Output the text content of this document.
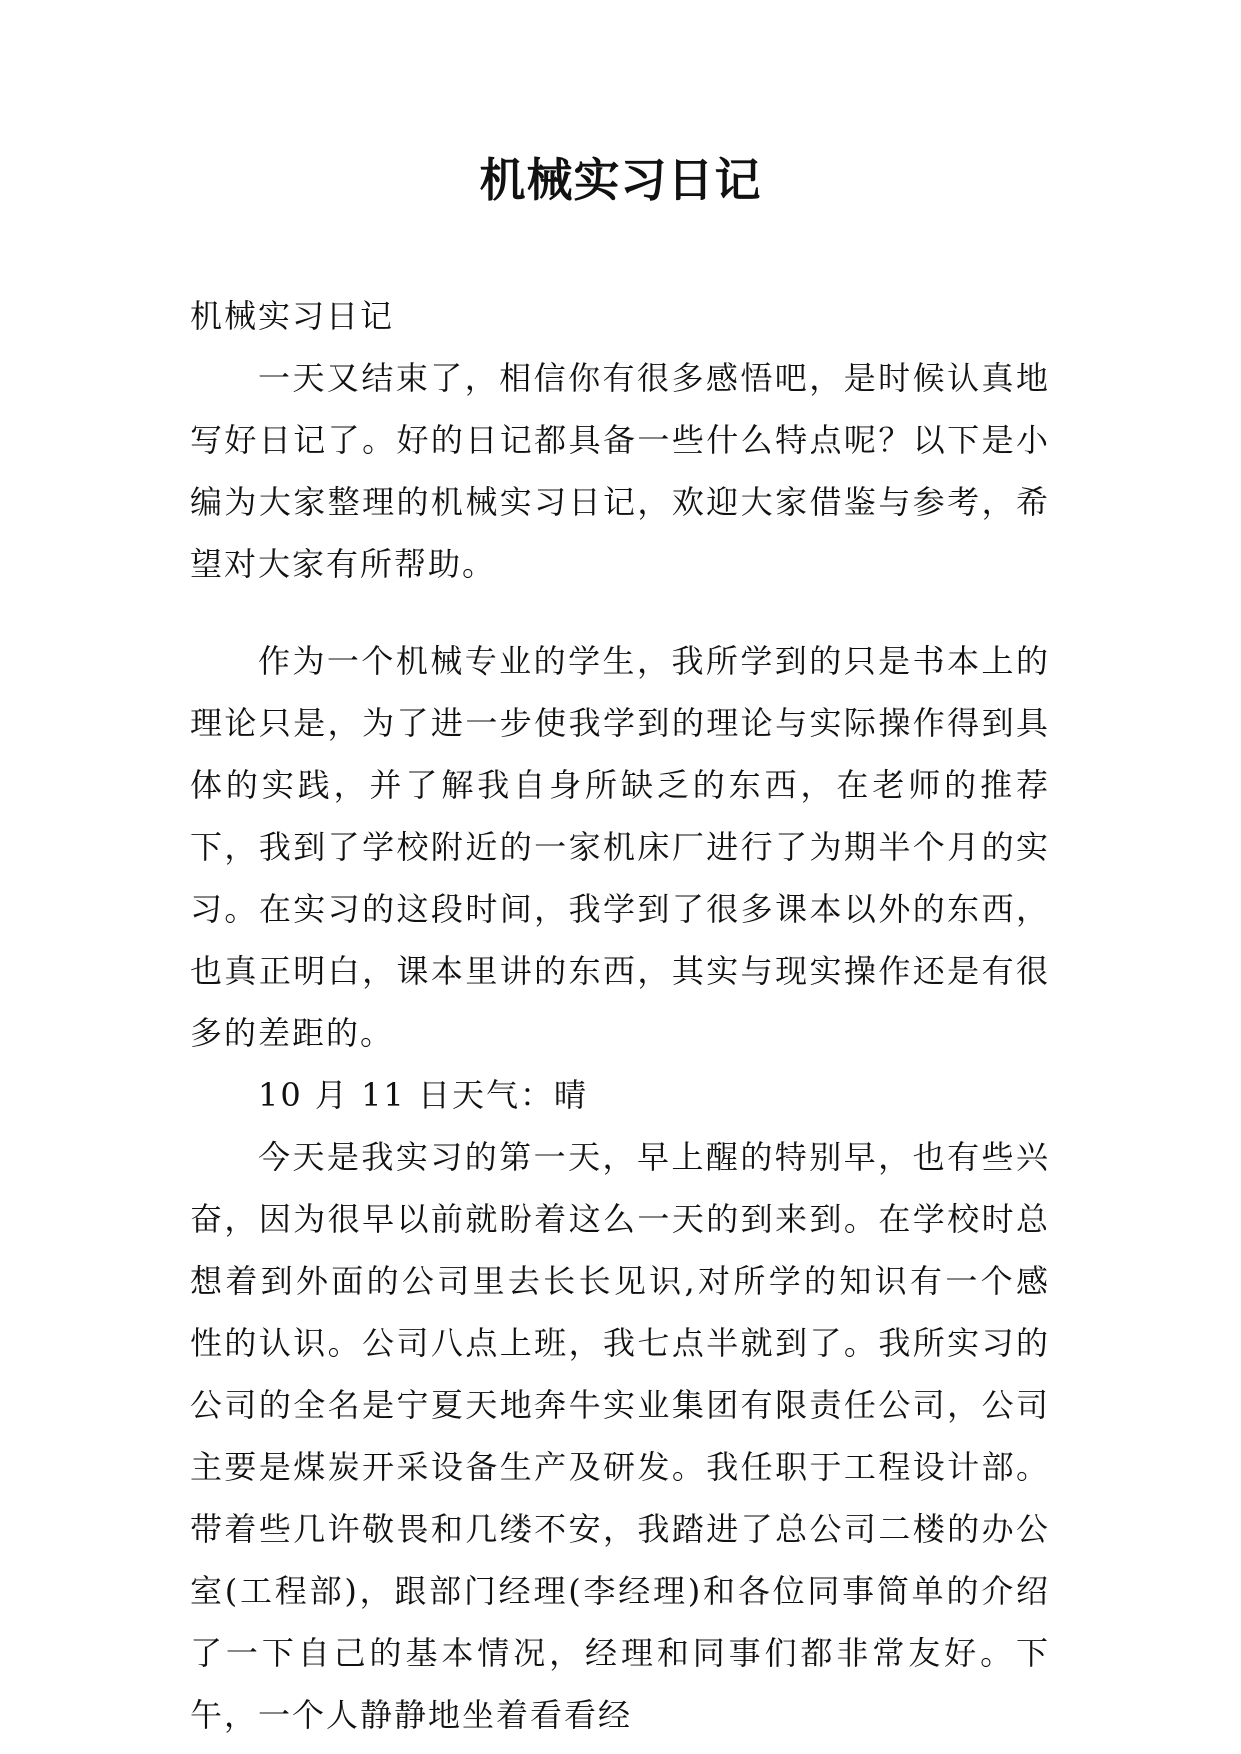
机械实习日记

机械实习日记

一天又结束了，相信你有很多感悟吧，是时候认真地写好日记了。好的日记都具备一些什么特点呢？以下是小编为大家整理的机械实习日记，欢迎大家借鉴与参考，希望对大家有所帮助。

作为一个机械专业的学生，我所学到的只是书本上的理论只是，为了进一步使我学到的理论与实际操作得到具体的实践，并了解我自身所缺乏的东西，在老师的推荐下，我到了学校附近的一家机床厂进行了为期半个月的实习。在实习的这段时间，我学到了很多课本以外的东西，也真正明白，课本里讲的东西，其实与现实操作还是有很多的差距的。

10 月 11 日天气：晴

今天是我实习的第一天，早上醒的特别早，也有些兴奋，因为很早以前就盼着这么一天的到来到。在学校时总想着到外面的公司里去长长见识,对所学的知识有一个感性的认识。公司八点上班，我七点半就到了。我所实习的公司的全名是宁夏天地奔牛实业集团有限责任公司，公司主要是煤炭开采设备生产及研发。我任职于工程设计部。带着些几许敬畏和几缕不安，我踏进了总公司二楼的办公室(工程部)，跟部门经理(李经理)和各位同事简单的介绍了一下自己的基本情况，经理和同事们都非常友好。下午，一个人静静地坐着看看经
